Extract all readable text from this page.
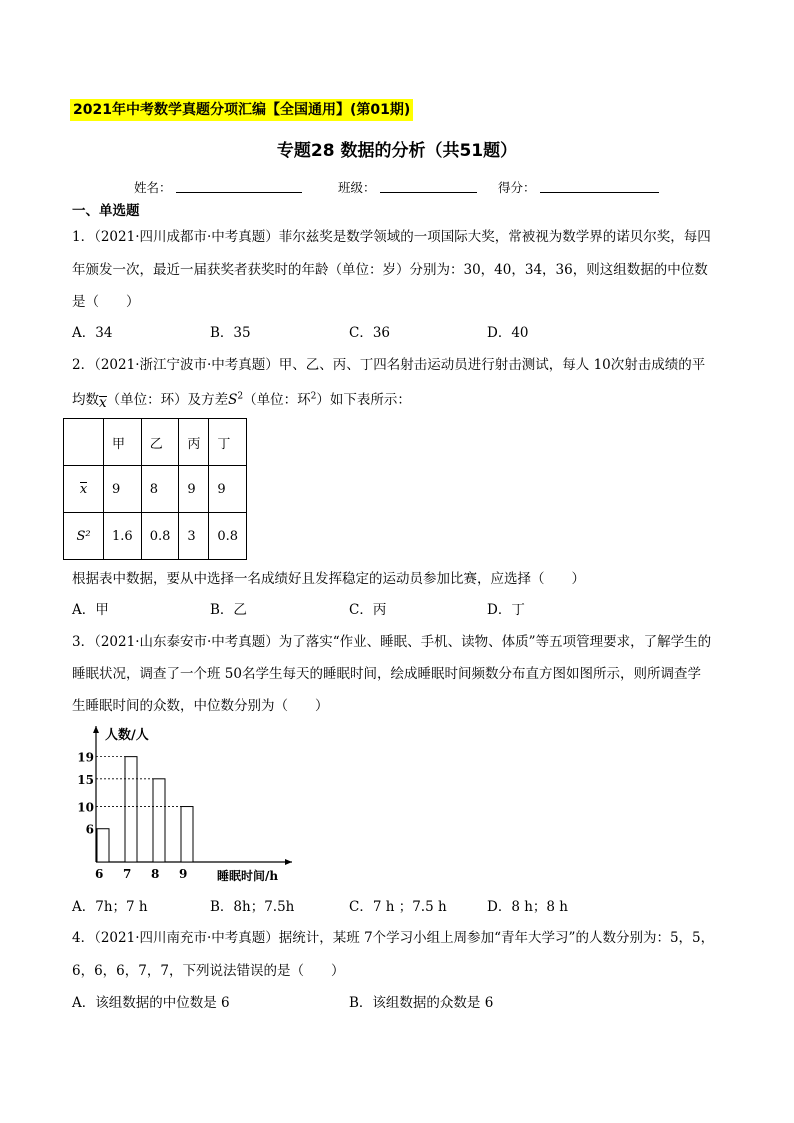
2021年中考数学真题分项汇编【全国通用】(第01期)
专题28 数据的分析（共51题）
姓名：	班级：	得分：
一、单选题
1．（2021·四川成都市·中考真题）菲尔兹奖是数学领域的一项国际大奖，常被视为数学界的诺贝尔奖，每四
年颁发一次，最近一届获奖者获奖时的年龄（单位：岁）分别为：30，40，34，36，则这组数据的中位数
是（　　）
A．34	B．35	C．36	D．40
2．（2021·浙江宁波市·中考真题）甲、乙、丙、丁四名射击运动员进行射击测试，每人 10次射击成绩的平
均数x（单位：环）及方差$S^2$（单位：环$^2$）如下表所示：
	甲	乙	丙	丁
x	9	8	9	9
S²	1.6	0.8	3	0.8
根据表中数据，要从中选择一名成绩好且发挥稳定的运动员参加比赛，应选择（　　）
A．甲	B．乙	C．丙	D．丁
3．（2021·山东泰安市·中考真题）为了落实“作业、睡眠、手机、读物、体质”等五项管理要求，了解学生的
睡眠状况，调查了一个班 50名学生每天的睡眠时间，绘成睡眠时间频数分布直方图如图所示，则所调查学
生睡眠时间的众数，中位数分别为（　　）
人数/人
睡眠时间/h
6 7 8 9
6
10
15
19
A．7h；7 h	B．8h；7.5h	C．7 h ；7.5 h	D．8 h；8 h
4．（2021·四川南充市·中考真题）据统计，某班 7个学习小组上周参加“青年大学习”的人数分别为：5，5，
6，6，6，7，7，下列说法错误的是（　　）
A．该组数据的中位数是 6	B．该组数据的众数是 6
